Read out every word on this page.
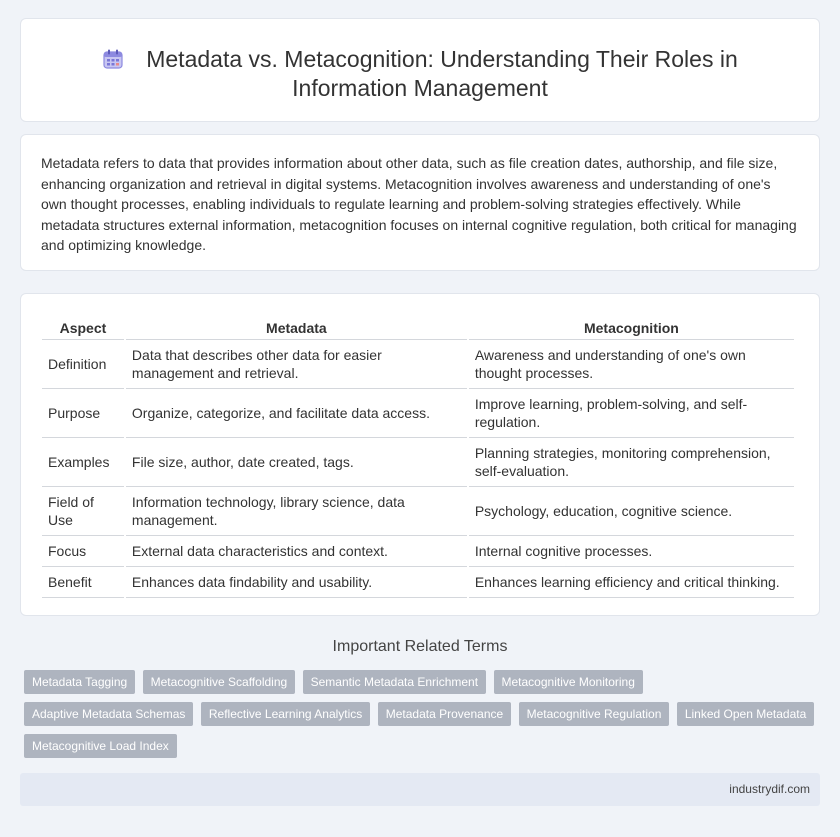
Metadata vs. Metacognition: Understanding Their Roles in Information Management

Metadata refers to data that provides information about other data, such as file creation dates, authorship, and file size, enhancing organization and retrieval in digital systems. Metacognition involves awareness and understanding of one's own thought processes, enabling individuals to regulate learning and problem-solving strategies effectively. While metadata structures external information, metacognition focuses on internal cognitive regulation, both critical for managing and optimizing knowledge.

Aspect	Metadata	Metacognition
Definition	Data that describes other data for easier management and retrieval.	Awareness and understanding of one's own thought processes.
Purpose	Organize, categorize, and facilitate data access.	Improve learning, problem-solving, and self-regulation.
Examples	File size, author, date created, tags.	Planning strategies, monitoring comprehension, self-evaluation.
Field of Use	Information technology, library science, data management.	Psychology, education, cognitive science.
Focus	External data characteristics and context.	Internal cognitive processes.
Benefit	Enhances data findability and usability.	Enhances learning efficiency and critical thinking.
Important Related Terms
Metadata Tagging Metacognitive Scaffolding Semantic Metadata Enrichment Metacognitive Monitoring
Adaptive Metadata Schemas Reflective Learning Analytics Metadata Provenance Metacognitive Regulation Linked Open Metadata
Metacognitive Load Index
industrydif.com
